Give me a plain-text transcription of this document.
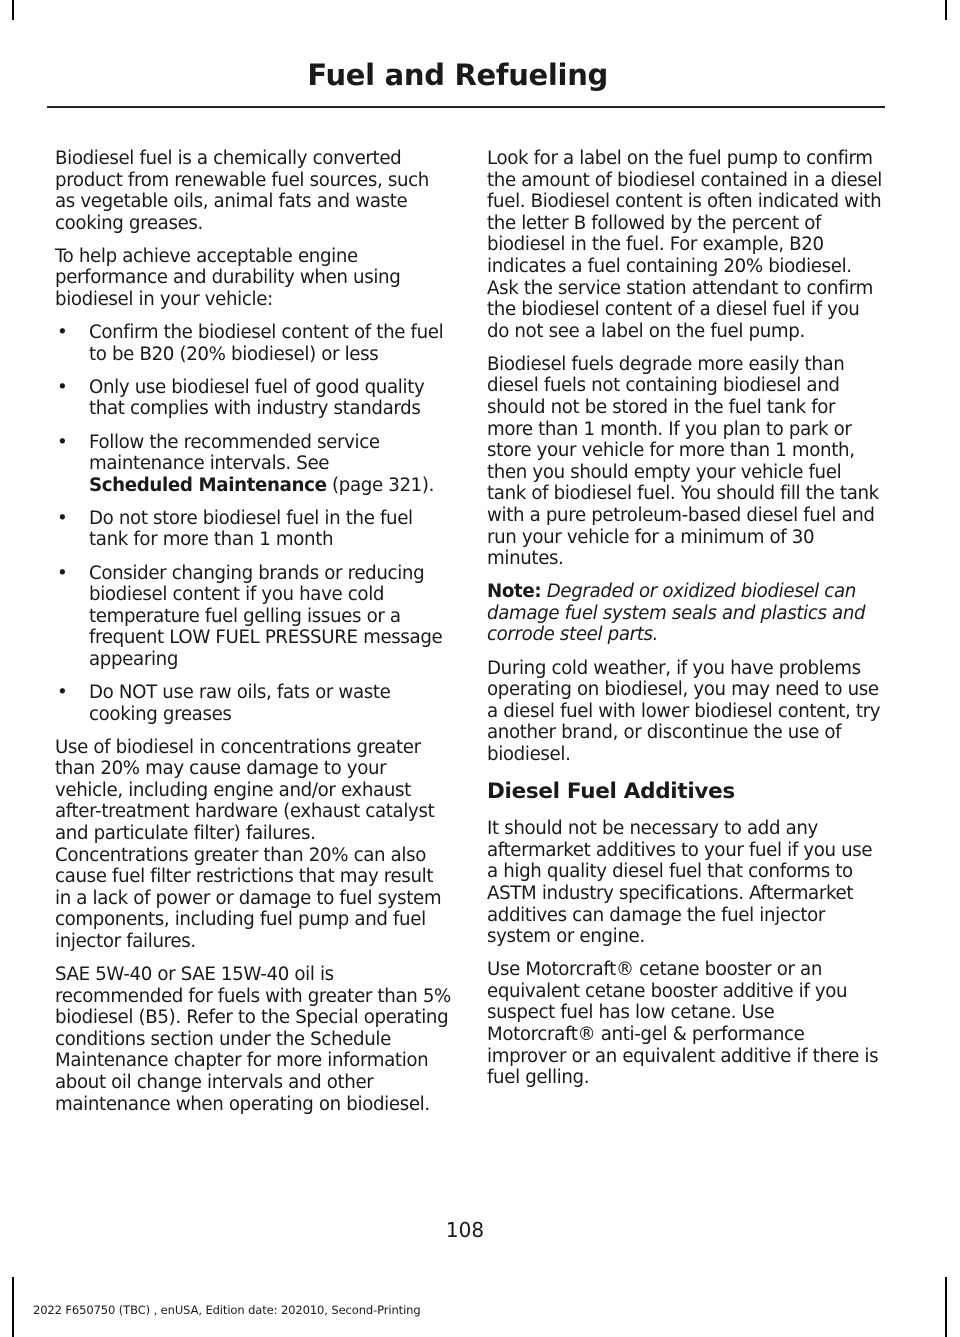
Fuel and Refueling

Biodiesel fuel is a chemically converted product from renewable fuel sources, such as vegetable oils, animal fats and waste cooking greases.

To help achieve acceptable engine performance and durability when using biodiesel in your vehicle:

• Confirm the biodiesel content of the fuel to be B20 (20% biodiesel) or less
• Only use biodiesel fuel of good quality that complies with industry standards
• Follow the recommended service maintenance intervals. See
Scheduled Maintenance (page 321).
• Do not store biodiesel fuel in the fuel tank for more than 1 month
• Consider changing brands or reducing biodiesel content if you have cold temperature fuel gelling issues or a frequent LOW FUEL PRESSURE message appearing
• Do NOT use raw oils, fats or waste cooking greases

Use of biodiesel in concentrations greater than 20% may cause damage to your vehicle, including engine and/or exhaust after-treatment hardware (exhaust catalyst and particulate filter) failures. Concentrations greater than 20% can also cause fuel filter restrictions that may result in a lack of power or damage to fuel system components, including fuel pump and fuel injector failures.

SAE 5W-40 or SAE 15W-40 oil is recommended for fuels with greater than 5% biodiesel (B5). Refer to the Special operating conditions section under the Schedule Maintenance chapter for more information about oil change intervals and other maintenance when operating on biodiesel.

Look for a label on the fuel pump to confirm the amount of biodiesel contained in a diesel fuel. Biodiesel content is often indicated with the letter B followed by the percent of biodiesel in the fuel. For example, B20 indicates a fuel containing 20% biodiesel. Ask the service station attendant to confirm the biodiesel content of a diesel fuel if you do not see a label on the fuel pump.

Biodiesel fuels degrade more easily than diesel fuels not containing biodiesel and should not be stored in the fuel tank for more than 1 month. If you plan to park or store your vehicle for more than 1 month, then you should empty your vehicle fuel tank of biodiesel fuel. You should fill the tank with a pure petroleum-based diesel fuel and run your vehicle for a minimum of 30 minutes.

Note: Degraded or oxidized biodiesel can damage fuel system seals and plastics and corrode steel parts.

During cold weather, if you have problems operating on biodiesel, you may need to use a diesel fuel with lower biodiesel content, try another brand, or discontinue the use of biodiesel.

Diesel Fuel Additives

It should not be necessary to add any aftermarket additives to your fuel if you use a high quality diesel fuel that conforms to ASTM industry specifications. Aftermarket additives can damage the fuel injector system or engine.

Use Motorcraft® cetane booster or an equivalent cetane booster additive if you suspect fuel has low cetane. Use Motorcraft® anti-gel & performance improver or an equivalent additive if there is fuel gelling.

108
2022 F650750 (TBC) , enUSA, Edition date: 202010, Second-Printing
